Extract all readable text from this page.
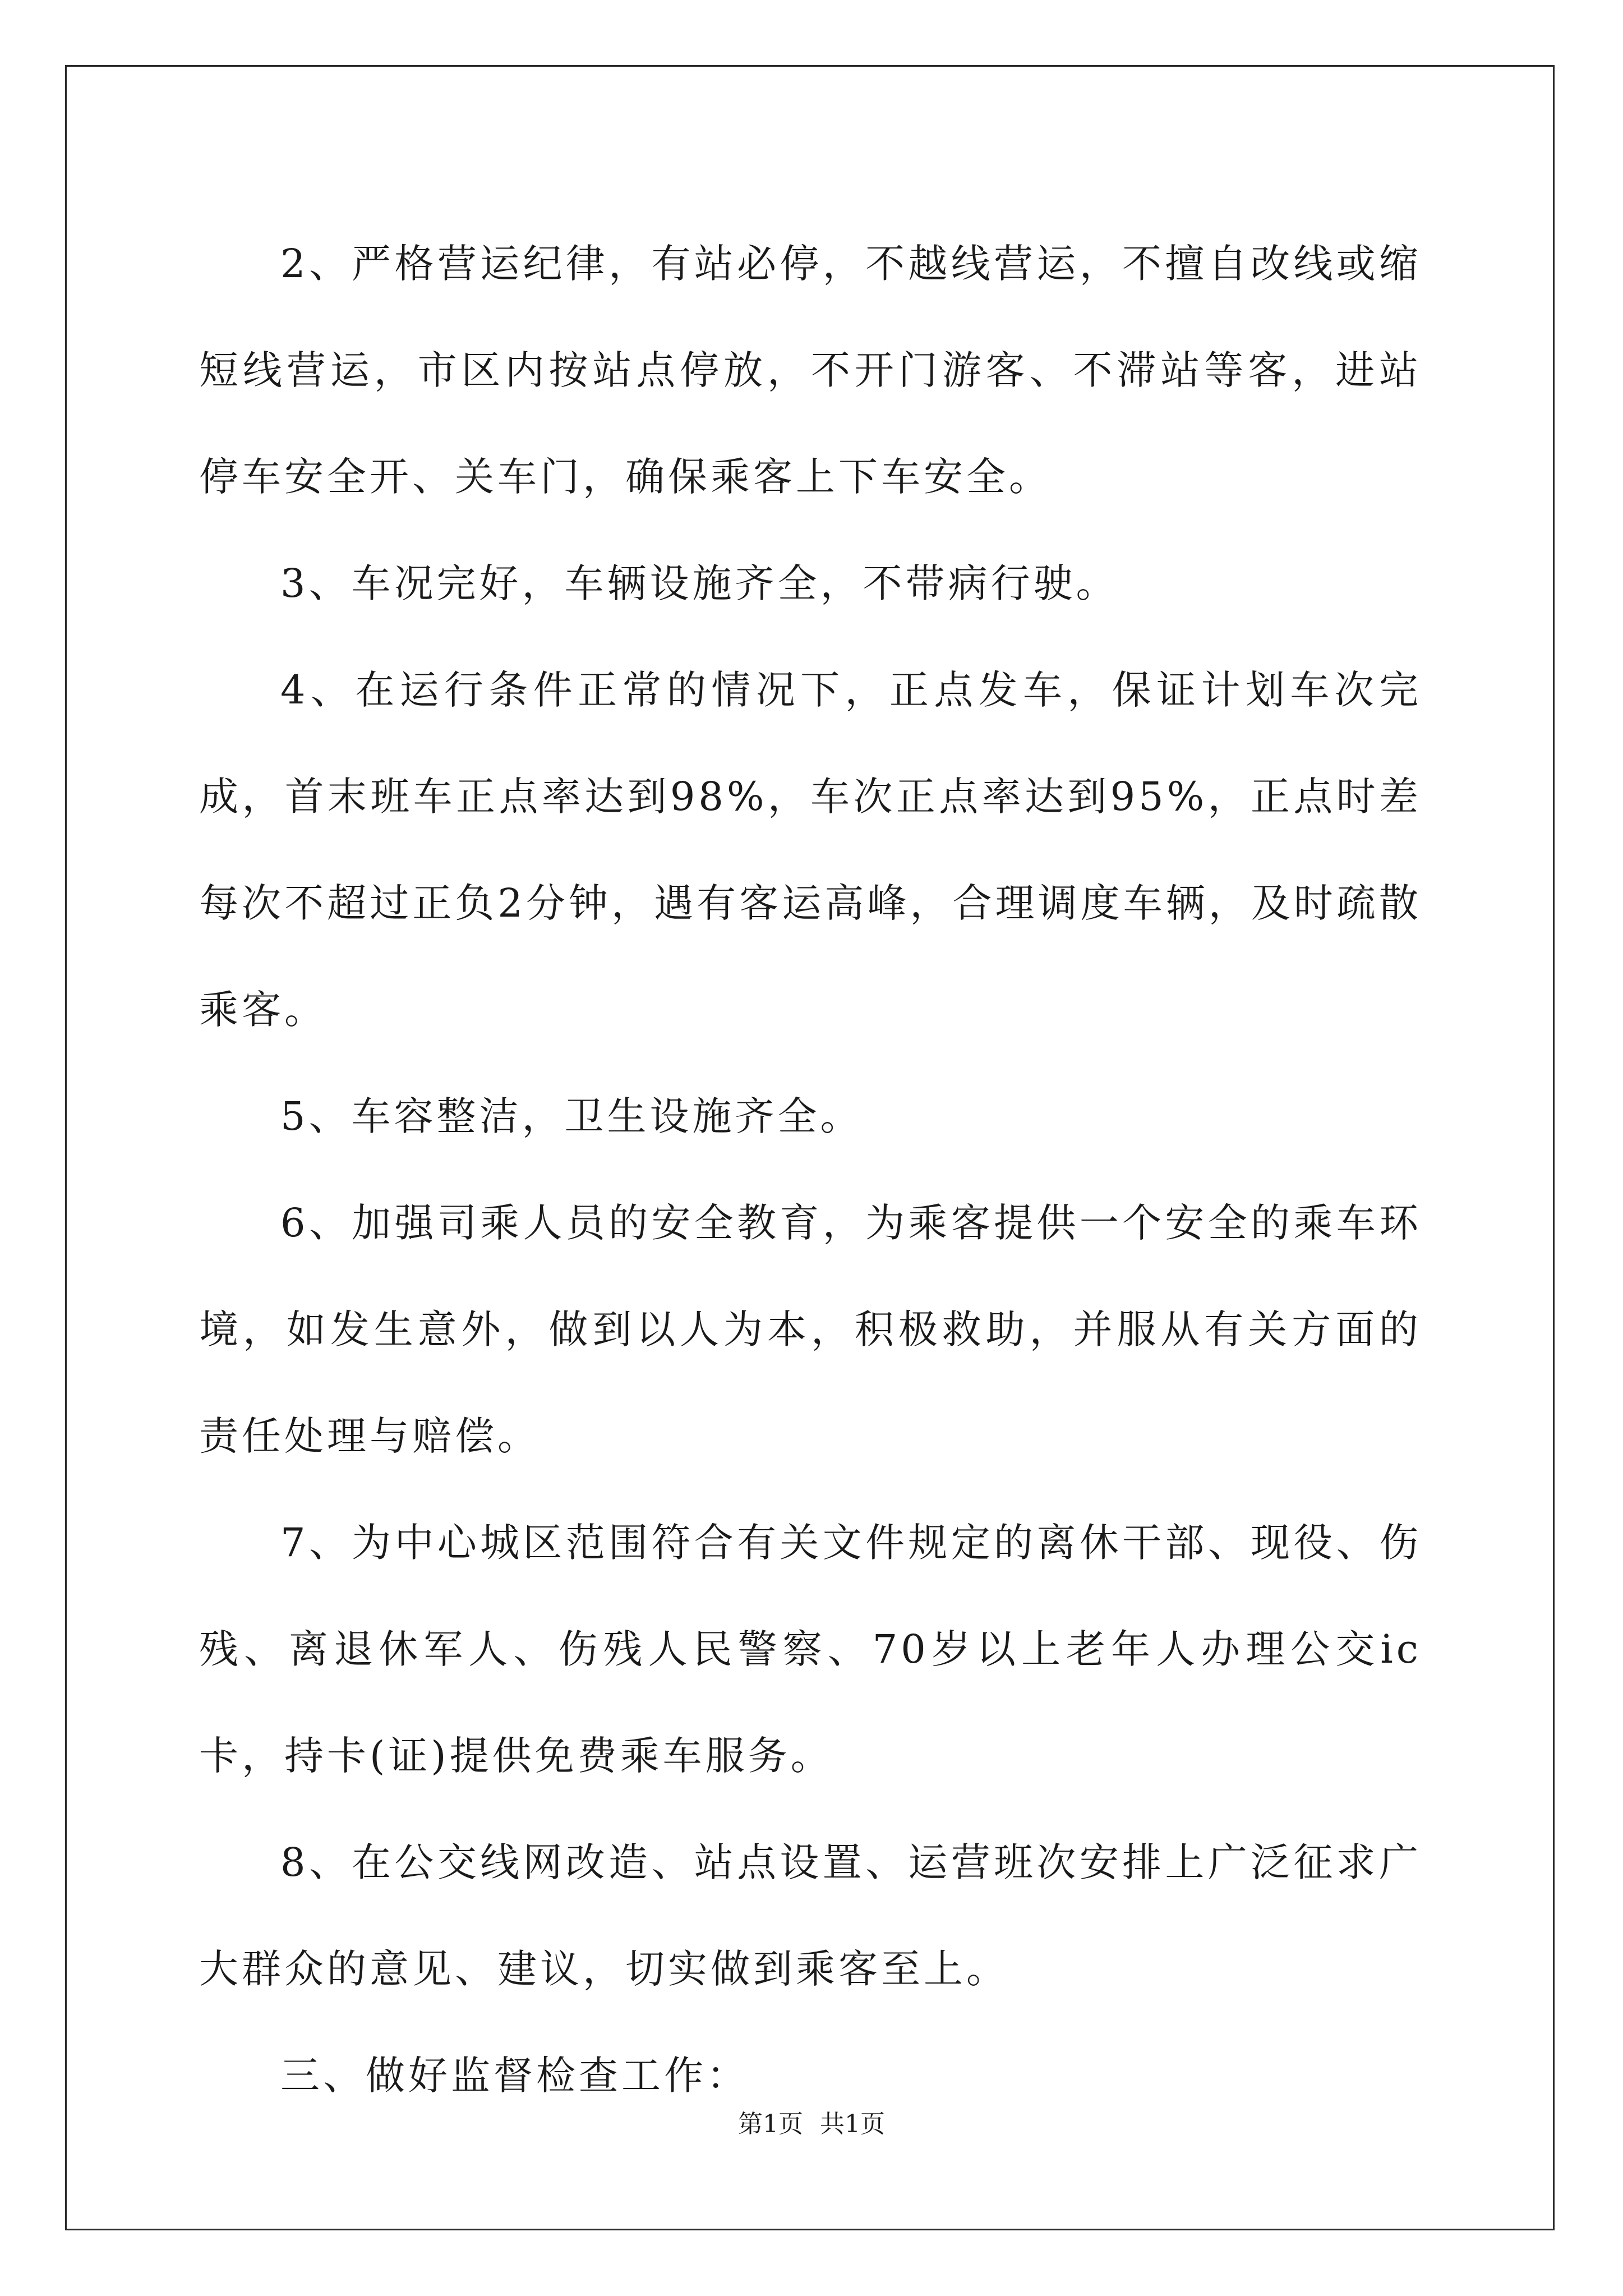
2、严格营运纪律，有站必停，不越线营运，不擅自改线或缩短线营运，市区内按站点停放，不开门游客、不滞站等客，进站停车安全开、关车门，确保乘客上下车安全。

3、车况完好，车辆设施齐全，不带病行驶。

4、在运行条件正常的情况下，正点发车，保证计划车次完成，首末班车正点率达到98%，车次正点率达到95%，正点时差每次不超过正负2分钟，遇有客运高峰，合理调度车辆，及时疏散乘客。

5、车容整洁，卫生设施齐全。

6、加强司乘人员的安全教育，为乘客提供一个安全的乘车环境，如发生意外，做到以人为本，积极救助，并服从有关方面的责任处理与赔偿。

7、为中心城区范围符合有关文件规定的离休干部、现役、伤残、离退休军人、伤残人民警察、70岁以上老年人办理公交ic卡，持卡(证)提供免费乘车服务。

8、在公交线网改造、站点设置、运营班次安排上广泛征求广大群众的意见、建议，切实做到乘客至上。

三、做好监督检查工作：

第1页 共1页
